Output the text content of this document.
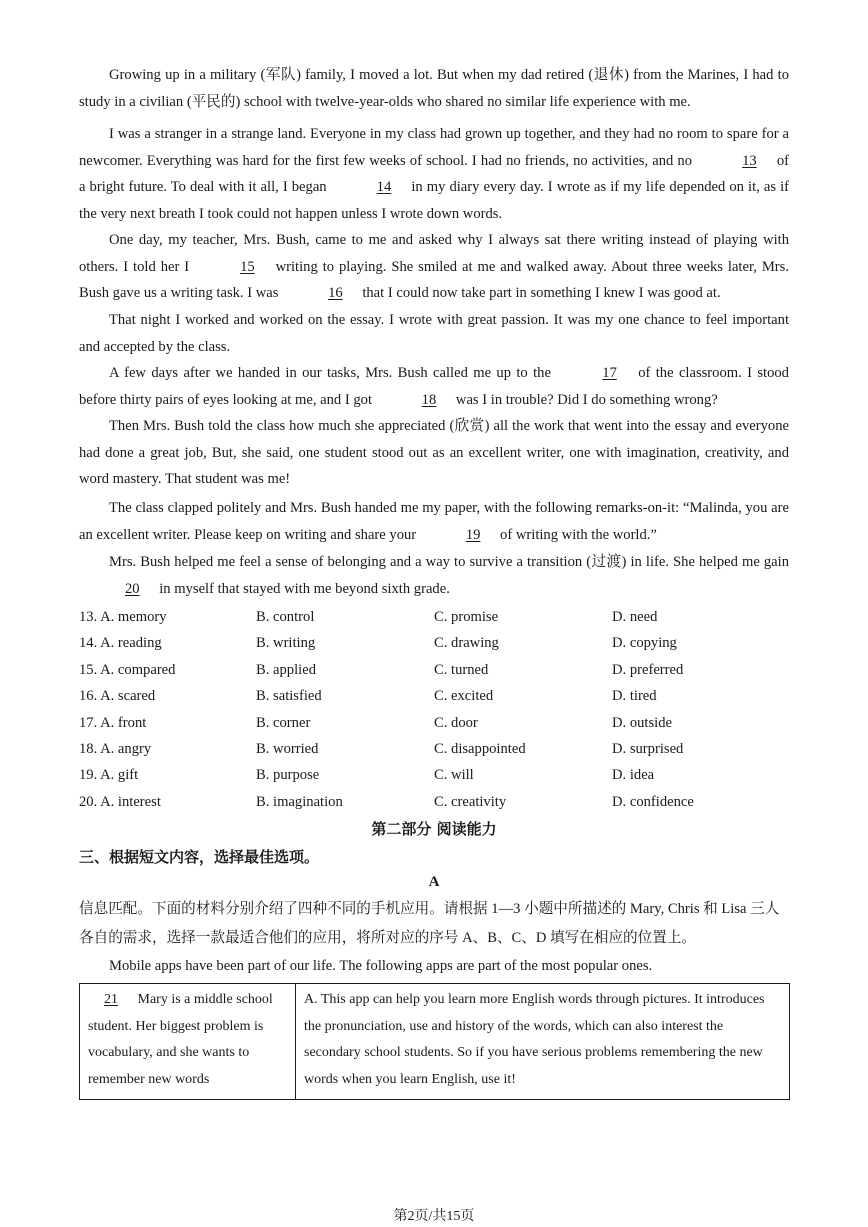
Growing up in a military (军队) family, I moved a lot. But when my dad retired (退休) from the Marines, I had to study in a civilian (平民的) school with twelve-year-olds who shared no similar life experience with me.
I was a stranger in a strange land. Everyone in my class had grown up together, and they had no room to spare for a newcomer. Everything was hard for the first few weeks of school. I had no friends, no activities, and no	13 of a bright future. To deal with it all, I began	14 in my diary every day. I wrote as if my life depended on it, as if the very next breath I took could not happen unless I wrote down words.
One day, my teacher, Mrs. Bush, came to me and asked why I always sat there writing instead of playing with others. I told her I	15 writing to playing. She smiled at me and walked away. About three weeks later, Mrs. Bush gave us a writing task. I was	16 that I could now take part in something I knew I was good at.
That night I worked and worked on the essay. I wrote with great passion. It was my one chance to feel important and accepted by the class.
A few days after we handed in our tasks, Mrs. Bush called me up to the	17 of the classroom. I stood before thirty pairs of eyes looking at me, and I got	18 was I in trouble? Did I do something wrong?
Then Mrs. Bush told the class how much she appreciated (欣赏) all the work that went into the essay and everyone had done a great job, But, she said, one student stood out as an excellent writer, one with imagination, creativity, and word mastery. That student was me!
The class clapped politely and Mrs. Bush handed me my paper, with the following remarks-on-it: “Malinda, you are an excellent writer. Please keep on writing and share your	19 of writing with the world.”
Mrs. Bush helped me feel a sense of belonging and a way to survive a transition (过渡) in life. She helped me gain 20 in myself that stayed with me beyond sixth grade.
13. A. memory	B. control	C. promise	D. need
14. A. reading	B. writing	C. drawing	D. copying
15. A. compared	B. applied	C. turned	D. preferred
16. A. scared	B. satisfied	C. excited	D. tired
17. A. front	B. corner	C. door	D. outside
18. A. angry	B. worried	C. disappointed	D. surprised
19. A. gift	B. purpose	C. will	D. idea
20. A. interest	B. imagination	C. creativity	D. confidence
第二部分 阅读能力
三、根据短文内容，选择最佳选项。
A
信息匹配。下面的材料分别介绍了四种不同的手机应用。请根据 1—3 小题中所描述的 Mary, Chris 和 Lisa 三人各自的需求，选择一款最适合他们的应用，将所对应的序号 A、B、C、D 填写在相应的位置上。
Mobile apps have been part of our life. The following apps are part of the most popular ones.
21 Mary is a middle school student. Her biggest problem is vocabulary, and she wants to remember new words	A. This app can help you learn more English words through pictures. It introduces the pronunciation, use and history of the words, which can also interest the secondary school students. So if you have serious problems remembering the new words when you learn English, use it!
第2页/共15页
